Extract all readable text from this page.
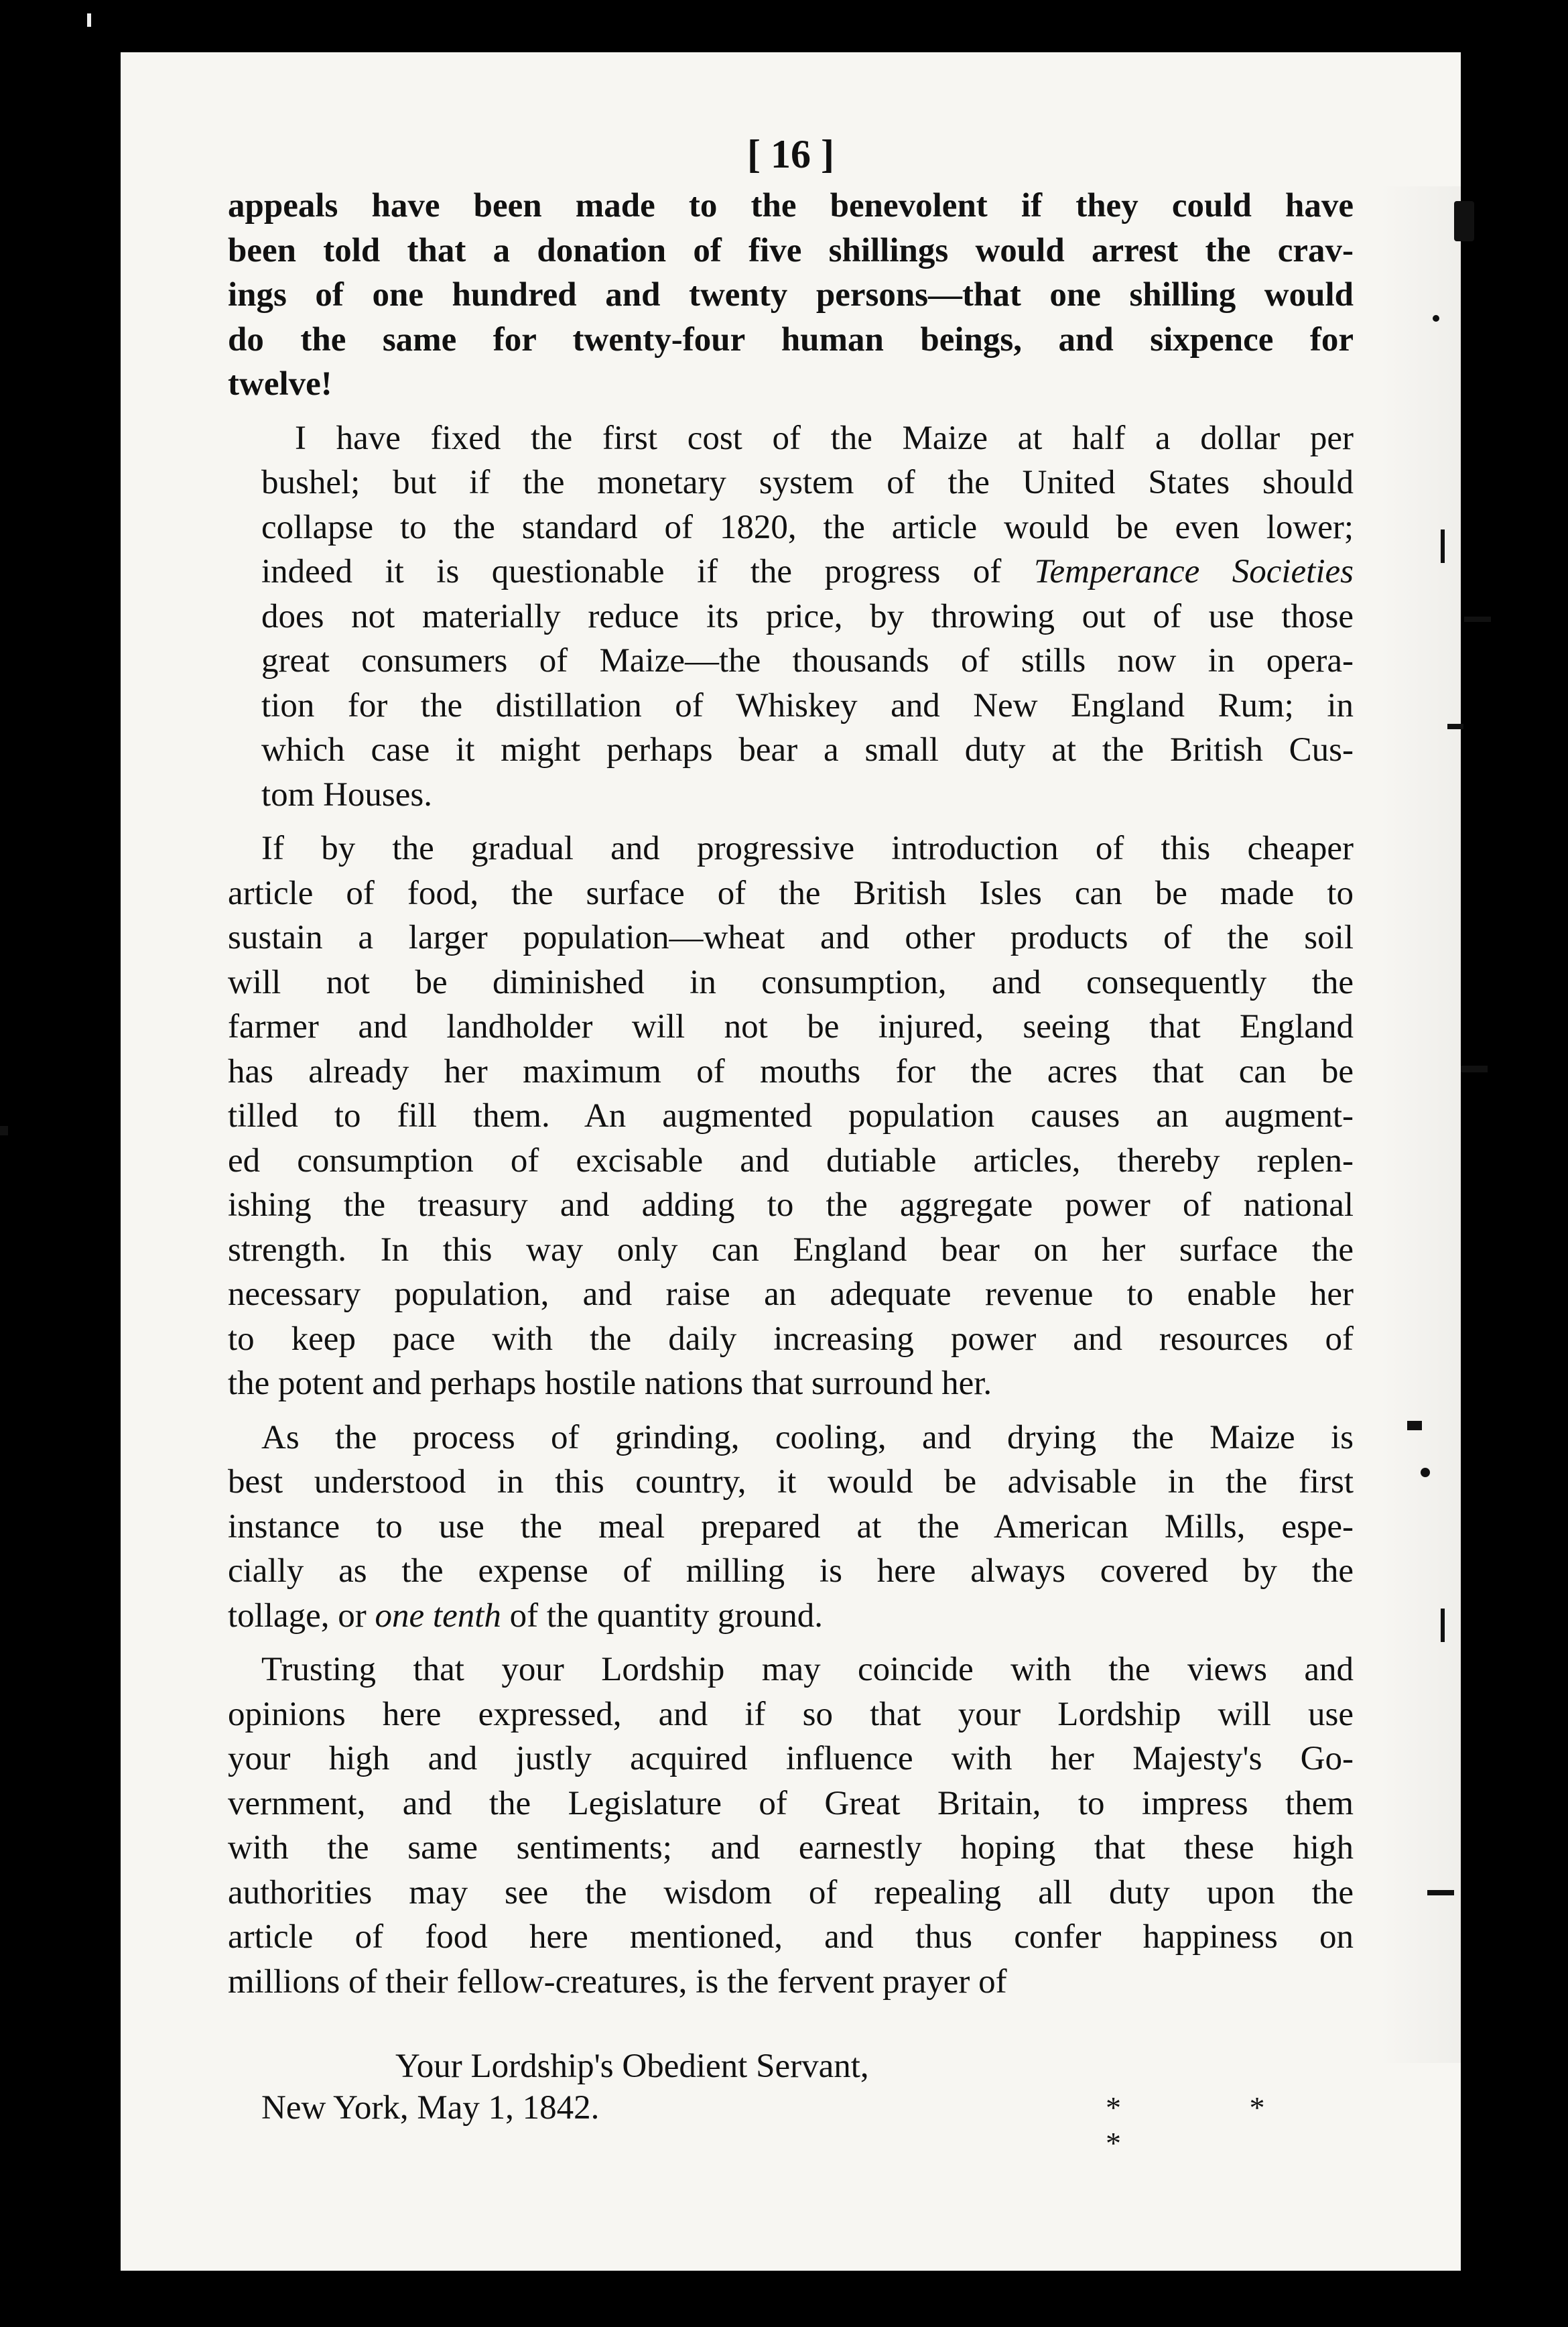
[ 16 ]
appeals have been made to the benevolent if they could have
been told that a donation of five shillings would arrest the crav-
ings of one hundred and twenty persons—that one shilling would
do the same for twenty-four human beings, and sixpence for
twelve!
I have fixed the first cost of the Maize at half a dollar per
bushel; but if the monetary system of the United States should
collapse to the standard of 1820, the article would be even lower;
indeed it is questionable if the progress of Temperance Societies
does not materially reduce its price, by throwing out of use those
great consumers of Maize—the thousands of stills now in opera-
tion for the distillation of Whiskey and New England Rum; in
which case it might perhaps bear a small duty at the British Cus-
tom Houses.
If by the gradual and progressive introduction of this cheaper
article of food, the surface of the British Isles can be made to
sustain a larger population—wheat and other products of the soil
will not be diminished in consumption, and consequently the
farmer and landholder will not be injured, seeing that England
has already her maximum of mouths for the acres that can be
tilled to fill them. An augmented population causes an augment-
ed consumption of excisable and dutiable articles, thereby replen-
ishing the treasury and adding to the aggregate power of national
strength. In this way only can England bear on her surface the
necessary population, and raise an adequate revenue to enable her
to keep pace with the daily increasing power and resources of
the potent and perhaps hostile nations that surround her.
As the process of grinding, cooling, and drying the Maize is
best understood in this country, it would be advisable in the first
instance to use the meal prepared at the American Mills, espe-
cially as the expense of milling is here always covered by the
tollage, or one tenth of the quantity ground.
Trusting that your Lordship may coincide with the views and
opinions here expressed, and if so that your Lordship will use
your high and justly acquired influence with her Majesty's Go-
vernment, and the Legislature of Great Britain, to impress them
with the same sentiments; and earnestly hoping that these high
authorities may see the wisdom of repealing all duty upon the
article of food here mentioned, and thus confer happiness on
millions of their fellow-creatures, is the fervent prayer of
Your Lordship's Obedient Servant,
New York, May 1, 1842.	* * *
